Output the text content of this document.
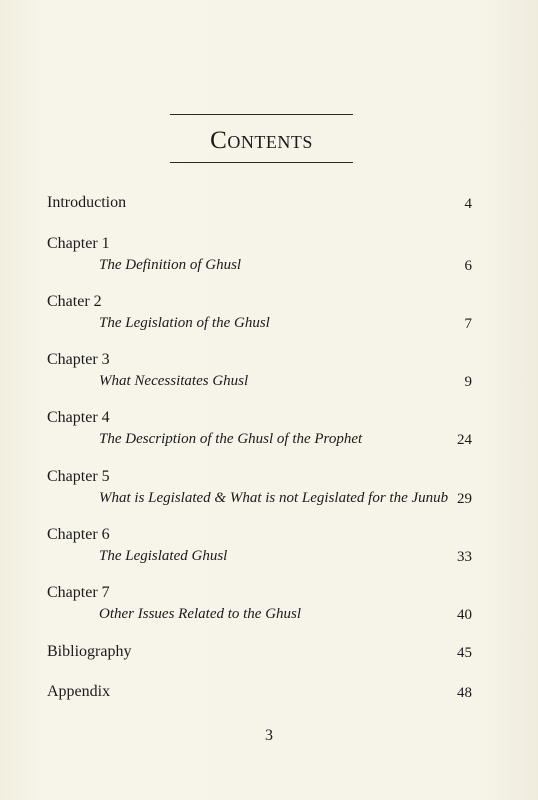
Contents
Introduction	4
Chapter 1
The Definition of Ghusl	6
Chater 2
The Legislation of the Ghusl	7
Chapter 3
What Necessitates Ghusl	9
Chapter 4
The Description of the Ghusl of the Prophet	24
Chapter 5
What is Legislated & What is not Legislated for the Junub 29
Chapter 6
The Legislated Ghusl	33
Chapter 7
Other Issues Related to the Ghusl	40
Bibliography	45
Appendix	48
3
